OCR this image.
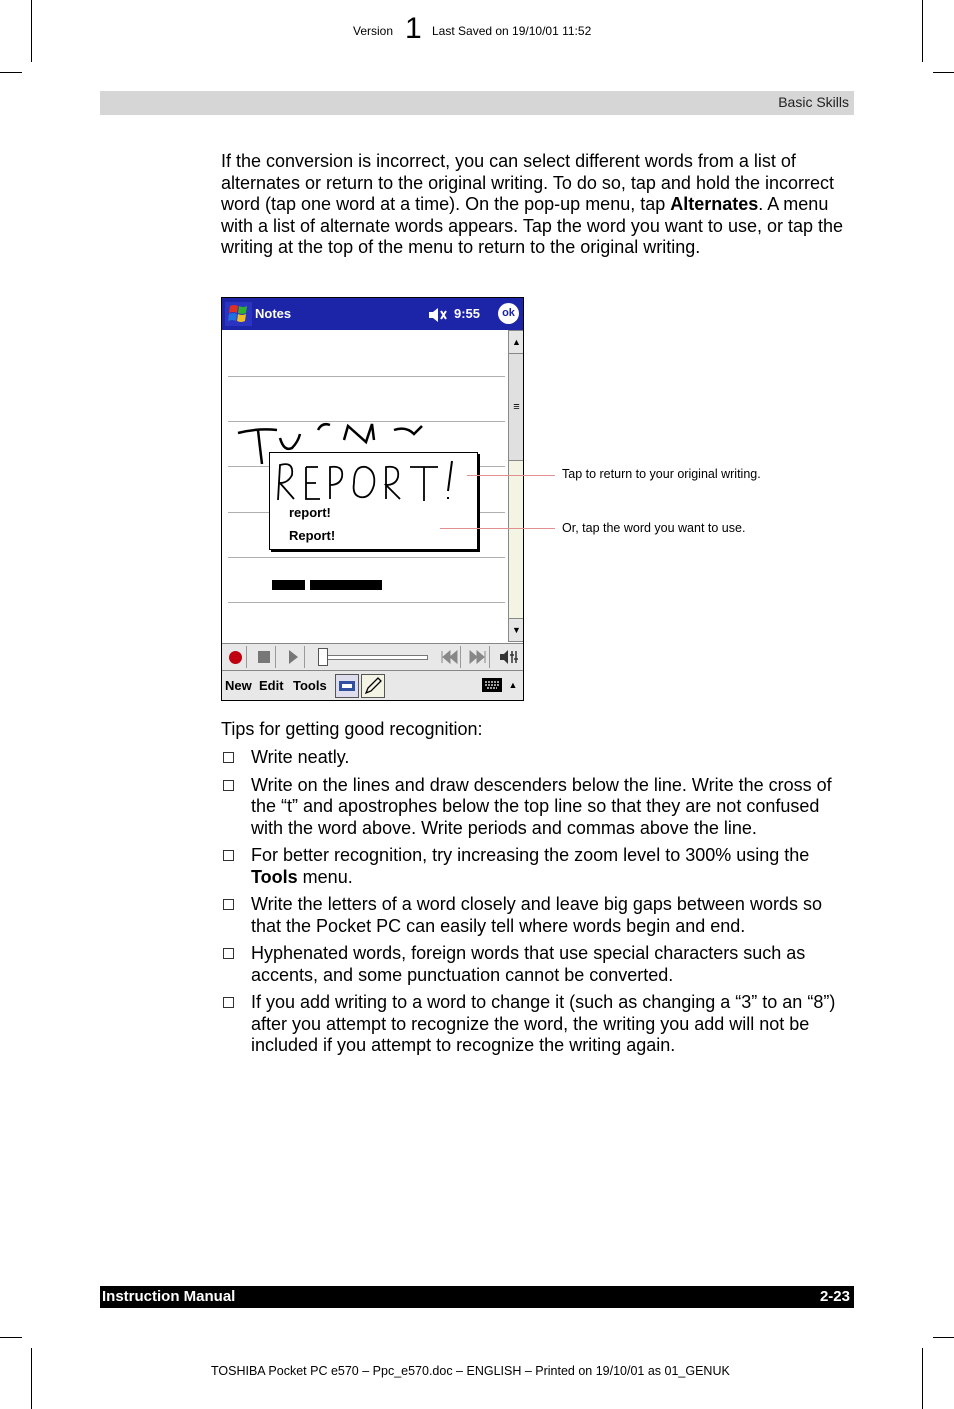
Version 1 Last Saved on 19/10/01 11:52
Basic Skills
If the conversion is incorrect, you can select different words from a list of alternates or return to the original writing. To do so, tap and hold the incorrect word (tap one word at a time). On the pop-up menu, tap Alternates. A menu with a list of alternate words appears. Tap the word you want to use, or tap the writing at the top of the menu to return to the original writing.
Notes	9:55	ok
report!
Report!
▲
≡
▼
New Edit Tools	▲
Tap to return to your original writing.
Or, tap the word you want to use.
Tips for getting good recognition:
Write neatly.
Write on the lines and draw descenders below the line. Write the cross of the “t” and apostrophes below the top line so that they are not confused with the word above. Write periods and commas above the line.
For better recognition, try increasing the zoom level to 300% using the Tools menu.
Write the letters of a word closely and leave big gaps between words so that the Pocket PC can easily tell where words begin and end.
Hyphenated words, foreign words that use special characters such as accents, and some punctuation cannot be converted.
If you add writing to a word to change it (such as changing a “3” to an “8”) after you attempt to recognize the word, the writing you add will not be included if you attempt to recognize the writing again.
Instruction Manual	2-23
TOSHIBA Pocket PC e570 – Ppc_e570.doc – ENGLISH – Printed on 19/10/01 as 01_GENUK
